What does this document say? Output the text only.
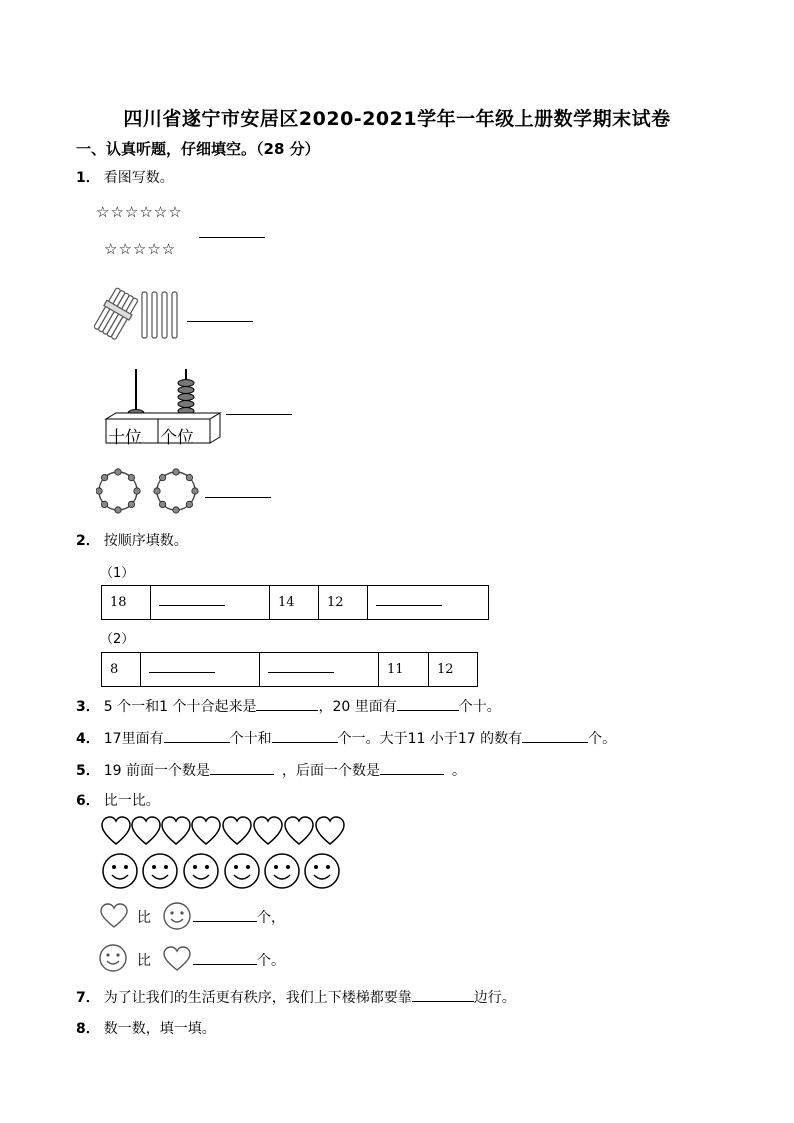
四川省遂宁市安居区2020-2021学年一年级上册数学期末试卷
一、认真听题，仔细填空。（28 分）
1． 看图写数。
☆☆☆☆☆☆
☆☆☆☆☆
十位 个位
2． 按顺序填数。
（1）
18		14	12	
（2）
8			11	12
3． 5 个一和1 个十合起来是	，20 里面有	个十。
4． 17里面有	个十和	个一。大于11 小于17 的数有	个。
5． 19 前面一个数是	，后面一个数是	。
6． 比一比。
比	个，
比	个。
7． 为了让我们的生活更有秩序，我们上下楼梯都要靠	边行。
8． 数一数，填一填。
